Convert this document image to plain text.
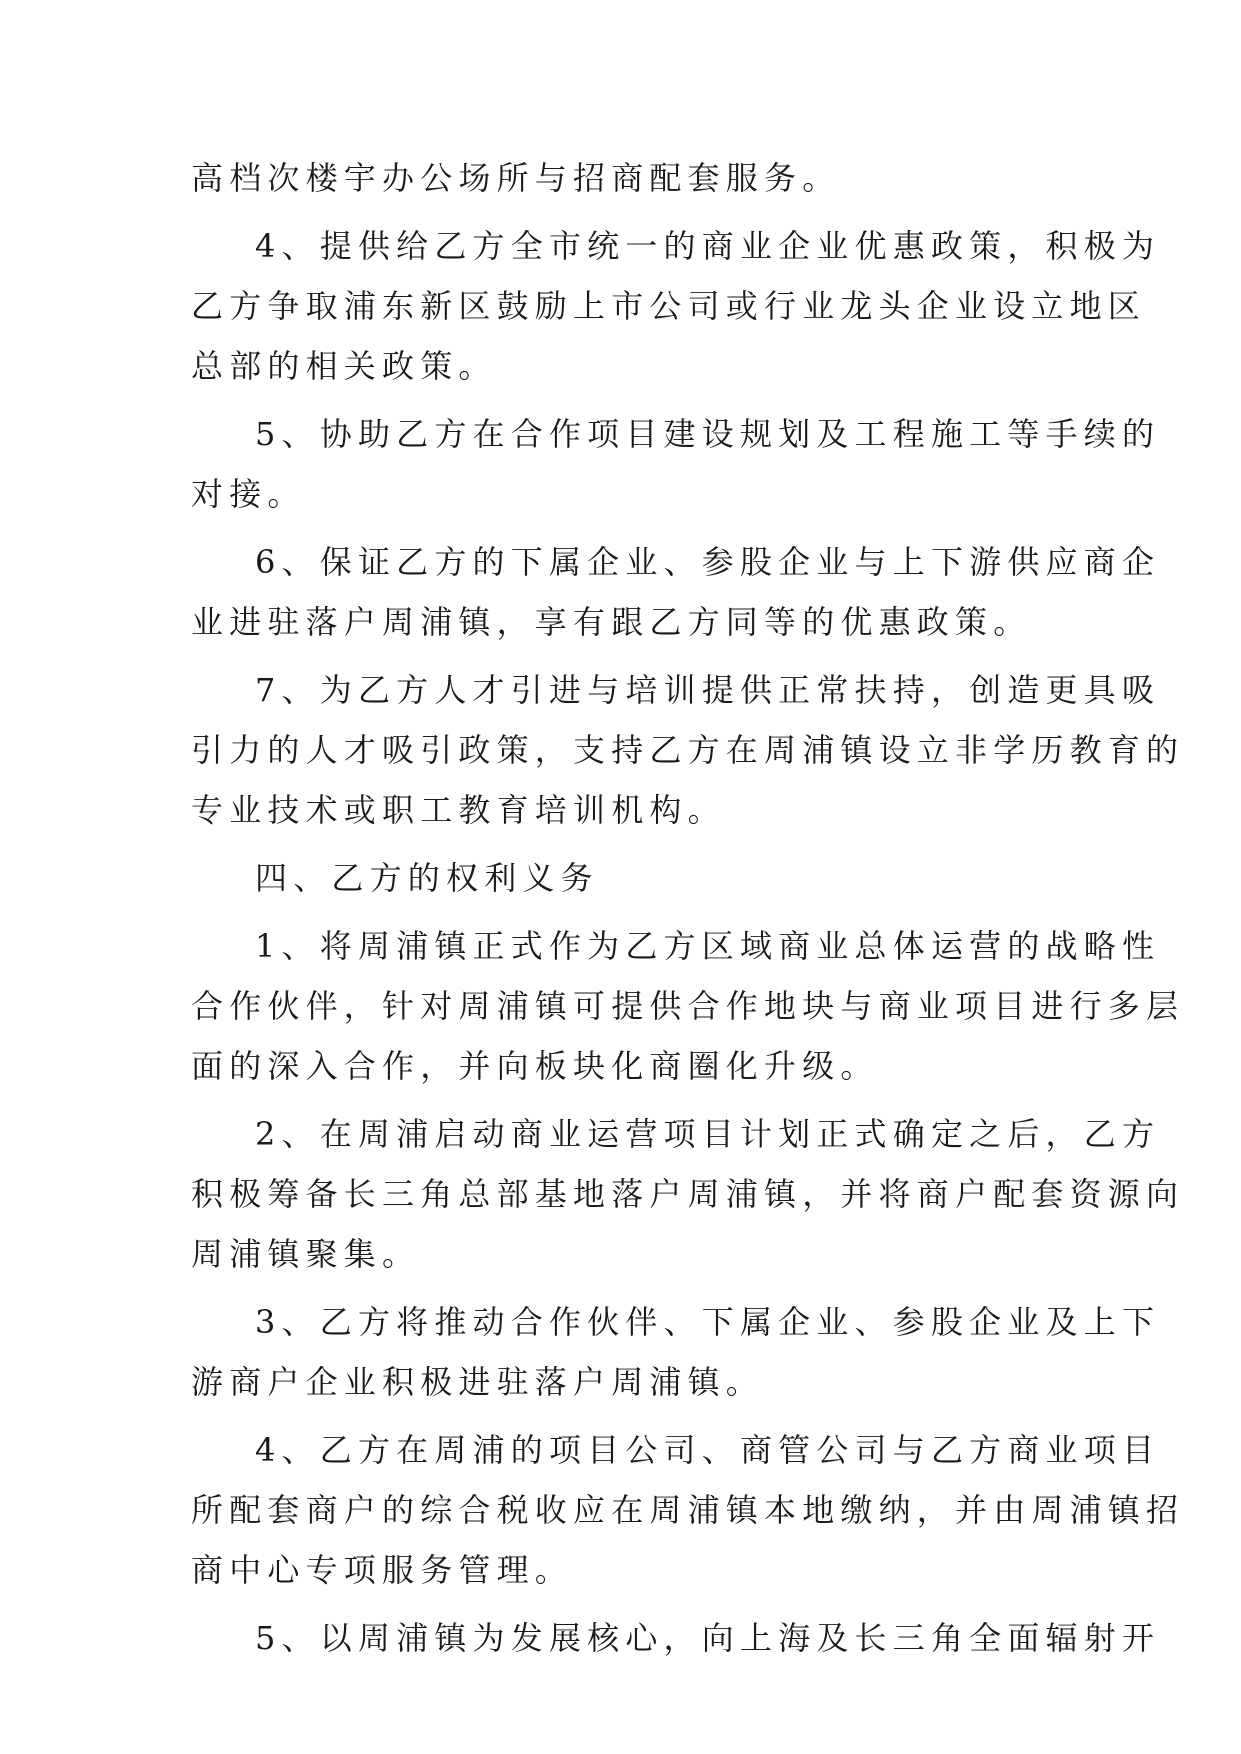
高档次楼宇办公场所与招商配套服务。
4、提供给乙方全市统一的商业企业优惠政策，积极为
乙方争取浦东新区鼓励上市公司或行业龙头企业设立地区
总部的相关政策。
5、协助乙方在合作项目建设规划及工程施工等手续的
对接。
6、保证乙方的下属企业、参股企业与上下游供应商企
业进驻落户周浦镇，享有跟乙方同等的优惠政策。
7、为乙方人才引进与培训提供正常扶持，创造更具吸
引力的人才吸引政策，支持乙方在周浦镇设立非学历教育的
专业技术或职工教育培训机构。
四、乙方的权利义务
1、将周浦镇正式作为乙方区域商业总体运营的战略性
合作伙伴，针对周浦镇可提供合作地块与商业项目进行多层
面的深入合作，并向板块化商圈化升级。
2、在周浦启动商业运营项目计划正式确定之后，乙方
积极筹备长三角总部基地落户周浦镇，并将商户配套资源向
周浦镇聚集。
3、乙方将推动合作伙伴、下属企业、参股企业及上下
游商户企业积极进驻落户周浦镇。
4、乙方在周浦的项目公司、商管公司与乙方商业项目
所配套商户的综合税收应在周浦镇本地缴纳，并由周浦镇招
商中心专项服务管理。
5、以周浦镇为发展核心，向上海及长三角全面辐射开
